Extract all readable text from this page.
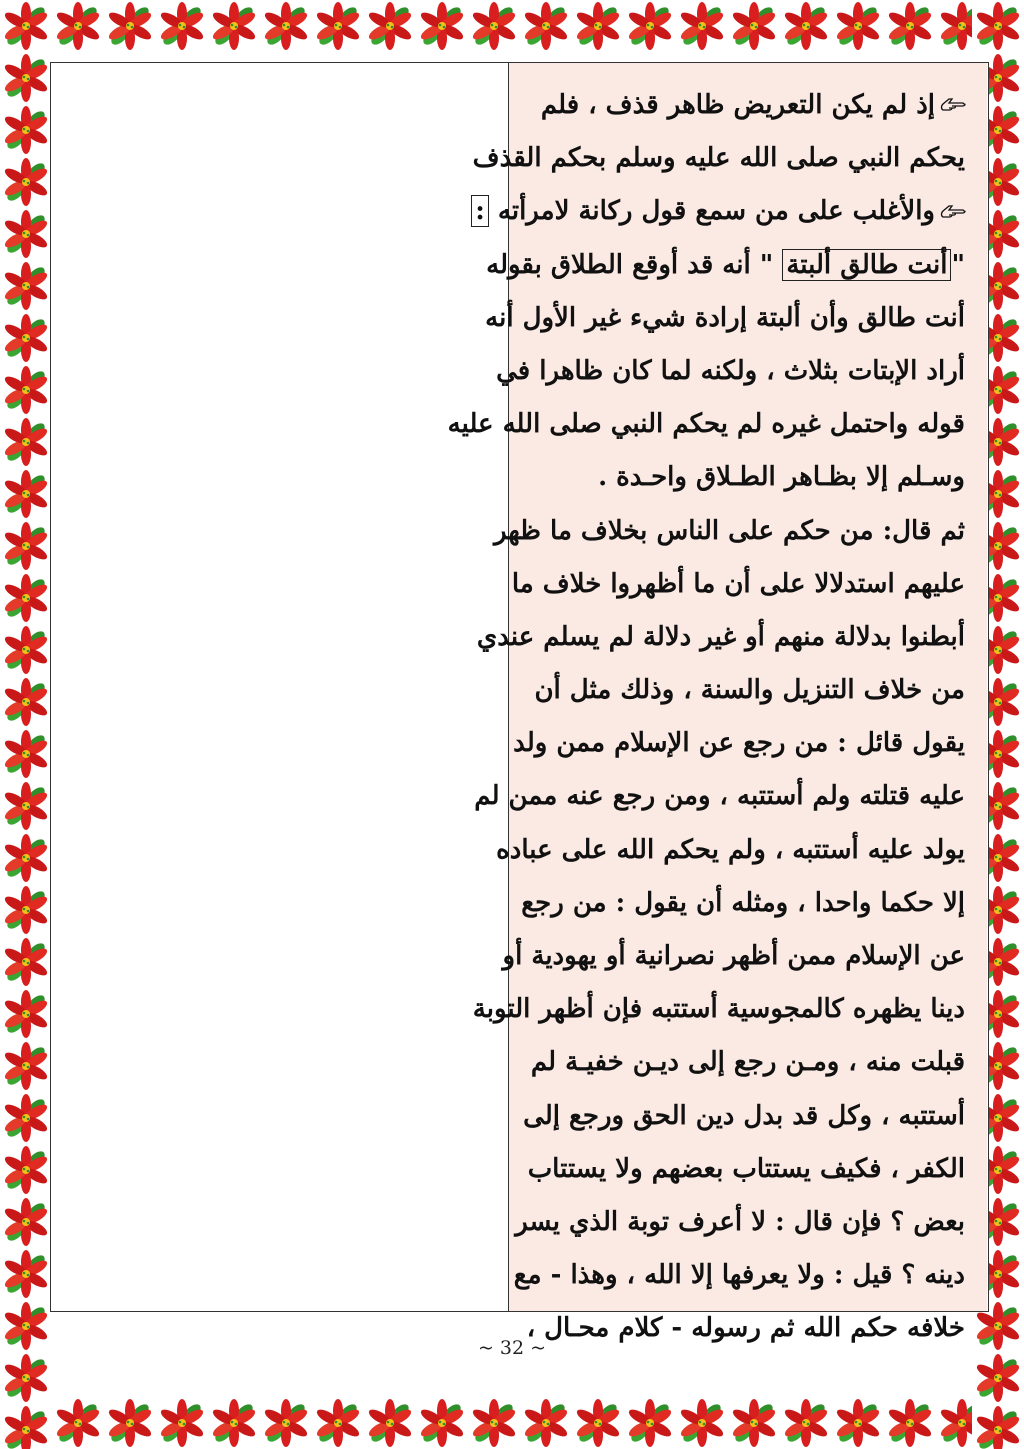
إذ لم يكن التعريض ظاهر قذف ، فلم
يحكم النبي صلى الله عليه وسلم بحكم القذف
والأغلب على من سمع قول ركانة لامرأته :
"أنت طالق ألبتة " أنه قد أوقع الطلاق بقوله
أنت طالق وأن ألبتة إرادة شيء غير الأول أنه
أراد الإبتات بثلاث ، ولكنه لما كان ظاهرا في
قوله واحتمل غيره لم يحكم النبي صلى الله عليه
وسـلم إلا بظـاهر الطـلاق واحـدة .
ثم قال: من حكم على الناس بخلاف ما ظهر
عليهم استدلالا على أن ما أظهروا خلاف ما
أبطنوا بدلالة منهم أو غير دلالة لم يسلم عندي
من خلاف التنزيل والسنة ، وذلك مثل أن
يقول قائل : من رجع عن الإسلام ممن ولد
عليه قتلته ولم أستتبه ، ومن رجع عنه ممن لم
يولد عليه أستتبه ، ولم يحكم الله على عباده
إلا حكما واحدا ، ومثله أن يقول : من رجع
عن الإسلام ممن أظهر نصرانية أو يهودية أو
دينا يظهره كالمجوسية أستتبه فإن أظهر التوبة
قبلت منه ، ومـن رجع إلى ديـن خفيـة لم
أستتبه ، وكل قد بدل دين الحق ورجع إلى
الكفر ، فكيف يستتاب بعضهم ولا يستتاب
بعض ؟ فإن قال : لا أعرف توبة الذي يسر
دينه ؟ قيل : ولا يعرفها إلا الله ، وهذا - مع
خلافه حكم الله ثم رسوله - كلام محـال ،
~ 32 ~
